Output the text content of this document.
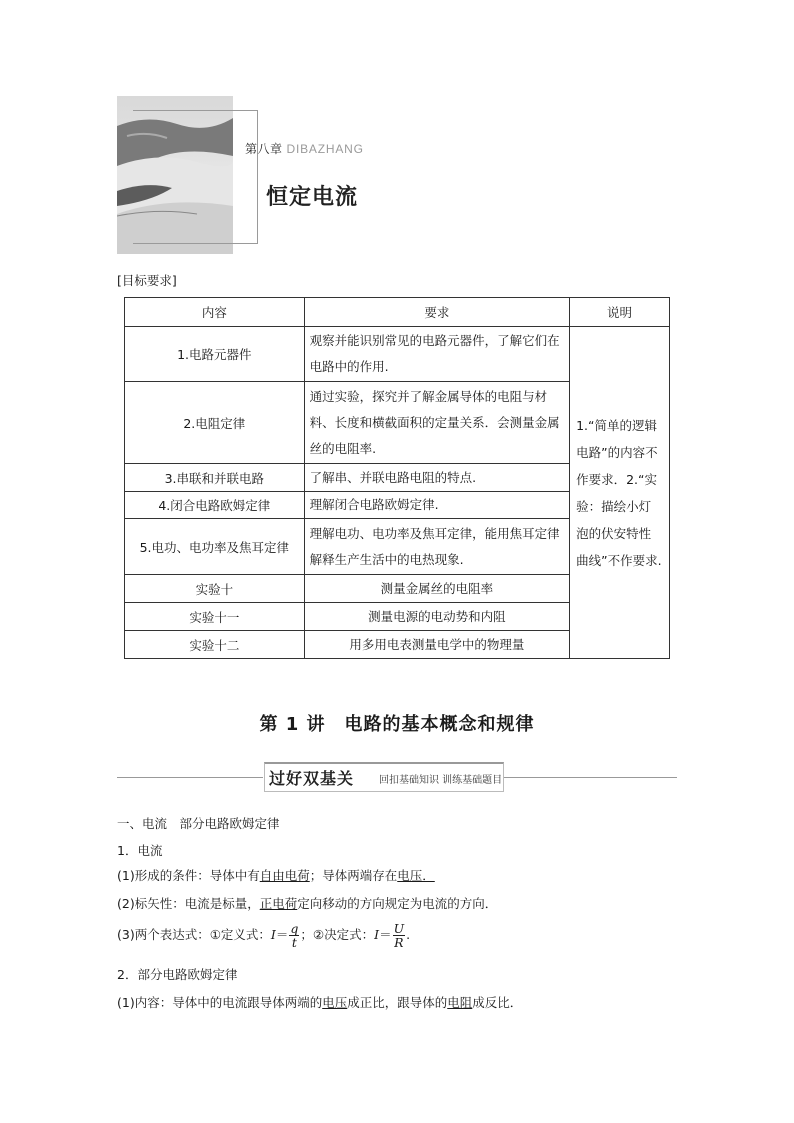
第八章 DIBAZHANG
恒定电流
[目标要求]
内容	要求	说明
1.电路元器件	观察并能识别常见的电路元器件，了解它们在电路中的作用.	1.“简单的逻辑电路”的内容不作要求．2.“实验：描绘小灯泡的伏安特性曲线”不作要求.
2.电阻定律	通过实验，探究并了解金属导体的电阻与材料、长度和横截面积的定量关系．会测量金属丝的电阻率.	
3.串联和并联电路	了解串、并联电路电阻的特点.	
4.闭合电路欧姆定律	理解闭合电路欧姆定律.	
5.电功、电功率及焦耳定律	理解电功、电功率及焦耳定律，能用焦耳定律解释生产生活中的电热现象.	
实验十	测量金属丝的电阻率	
实验十一	测量电源的电动势和内阻	
实验十二	用多用电表测量电学中的物理量	
第 1 讲　电路的基本概念和规律
过好双基关 回扣基础知识 训练基础题目
一、电流　部分电路欧姆定律
1．电流
(1)形成的条件：导体中有自由电荷；导体两端存在电压．
(2)标矢性：电流是标量，正电荷定向移动的方向规定为电流的方向．
(3)两个表达式：①定义式：$I= \frac{q}{t}$ ；②决定式：$I= \frac{U}{R}$ .
2．部分电路欧姆定律
(1)内容：导体中的电流跟导体两端的电压成正比，跟导体的电阻成反比．
